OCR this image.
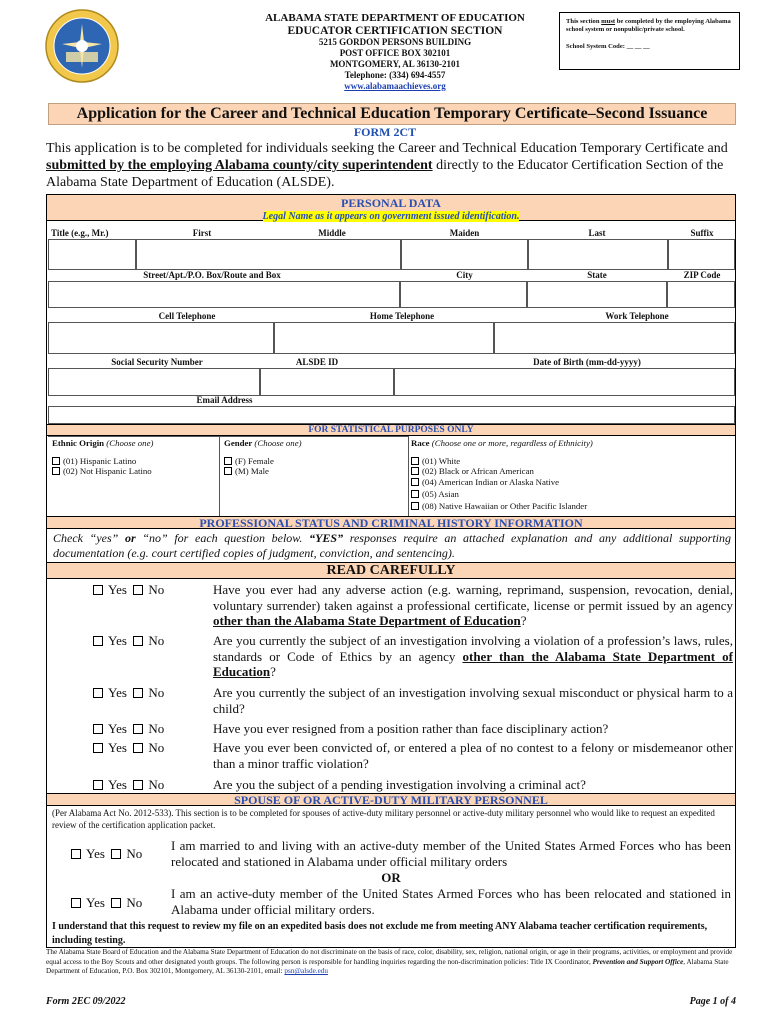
ALABAMA STATE DEPARTMENT OF EDUCATION
EDUCATOR CERTIFICATION SECTION
5215 GORDON PERSONS BUILDING
POST OFFICE BOX 302101
MONTGOMERY, AL 36130-2101
Telephone: (334) 694-4557
www.alabamaachieves.org
This section must be completed by the employing Alabama school system or nonpublic/private school.
School System Code: __ __ __
Application for the Career and Technical Education Temporary Certificate–Second Issuance
FORM 2CT
This application is to be completed for individuals seeking the Career and Technical Education Temporary Certificate and submitted by the employing Alabama county/city superintendent directly to the Educator Certification Section of the Alabama State Department of Education (ALSDE).
PERSONAL DATA
Legal Name as it appears on government issued identification.
Title (e.g., Mr.)	First	Middle	Maiden	Last	Suffix
Street/Apt./P.O. Box/Route and Box	City	State	ZIP Code
Cell Telephone	Home Telephone	Work Telephone
Social Security Number	ALSDE ID	Date of Birth (mm-dd-yyyy)
Email Address
FOR STATISTICAL PURPOSES ONLY
Ethnic Origin (Choose one)
(01) Hispanic Latino
(02) Not Hispanic Latino
Gender (Choose one)
(F) Female
(M) Male
Race (Choose one or more, regardless of Ethnicity)
(01) White
(02) Black or African American
(04) American Indian or Alaska Native
(05) Asian
(08) Native Hawaiian or Other Pacific Islander
PROFESSIONAL STATUS AND CRIMINAL HISTORY INFORMATION
Check “yes” or “no” for each question below. “YES” responses require an attached explanation and any additional supporting documentation (e.g. court certified copies of judgment, conviction, and sentencing).
READ CAREFULLY
Yes No	Have you ever had any adverse action (e.g. warning, reprimand, suspension, revocation, denial, voluntary surrender) taken against a professional certificate, license or permit issued by an agency other than the Alabama State Department of Education?
Yes No	Are you currently the subject of an investigation involving a violation of a profession’s laws, rules, standards or Code of Ethics by an agency other than the Alabama State Department of Education?
Yes No	Are you currently the subject of an investigation involving sexual misconduct or physical harm to a child?
Yes No	Have you ever resigned from a position rather than face disciplinary action?
Yes No	Have you ever been convicted of, or entered a plea of no contest to a felony or misdemeanor other than a minor traffic violation?
Yes No	Are you the subject of a pending investigation involving a criminal act?
SPOUSE OF OR ACTIVE-DUTY MILITARY PERSONNEL
(Per Alabama Act No. 2012-533). This section is to be completed for spouses of active-duty military personnel or active-duty military personnel who would like to request an expedited review of the certification application packet.
Yes No
I am married to and living with an active-duty member of the United States Armed Forces who has been relocated and stationed in Alabama under official military orders
OR
Yes No
I am an active-duty member of the United States Armed Forces who has been relocated and stationed in Alabama under official military orders.
I understand that this request to review my file on an expedited basis does not exclude me from meeting ANY Alabama teacher certification requirements, including testing.
The Alabama State Board of Education and the Alabama State Department of Education do not discriminate on the basis of race, color, disability, sex, religion, national origin, or age in their programs, activities, or employment and provide equal access to the Boy Scouts and other designated youth groups. The following person is responsible for handling inquiries regarding the non-discrimination policies: Title IX Coordinator, Prevention and Support Office, Alabama State Department of Education, P.O. Box 302101, Montgomery, AL 36130-2101, email: psn@alsde.edu
Form 2EC 09/2022	Page 1 of 4
